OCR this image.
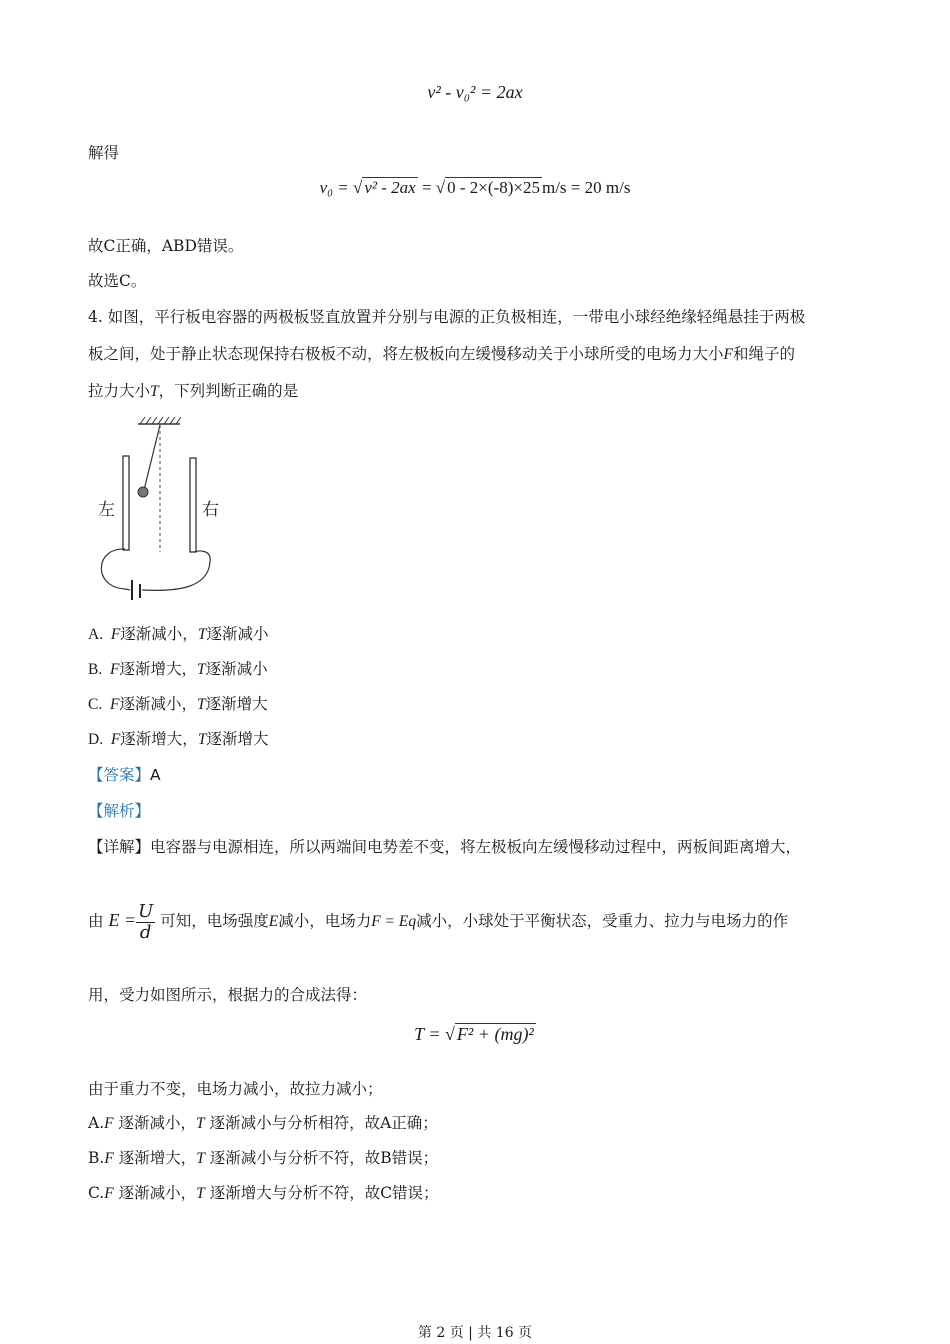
v² - v₀² = 2ax
解得
v₀ = √ v² - 2ax = √ 0 - 2×(-8)×25 m/s = 20 m/s
故C正确，ABD错误。
故选C。
4. 如图，平行板电容器的两极板竖直放置并分别与电源的正负极相连，一带电小球经绝缘轻绳悬挂于两极
板之间，处于静止状态现保持右极板不动，将左极板向左缓慢移动关于小球所受的电场力大小F和绳子的
拉力大小T，下列判断正确的是
左	右
A. F逐渐减小，T逐渐减小
B. F逐渐增大，T逐渐减小
C. F逐渐减小，T逐渐增大
D. F逐渐增大，T逐渐增大
【答案】A
【解析】
【详解】电容器与电源相连，所以两端间电势差不变，将左极板向左缓慢移动过程中，两板间距离增大，
由 $E = \frac{U}{d}$ 可知，电场强度E减小，电场力F = Eq减小，小球处于平衡状态，受重力、拉力与电场力的作
用，受力如图所示，根据力的合成法得：
T = √ F² + (mg)²
由于重力不变，电场力减小，故拉力减小；
A.F 逐渐减小，T 逐渐减小与分析相符，故A正确；
B.F 逐渐增大，T 逐渐减小与分析不符，故B错误；
C.F 逐渐减小，T 逐渐增大与分析不符，故C错误；
第 2 页 | 共 16 页
